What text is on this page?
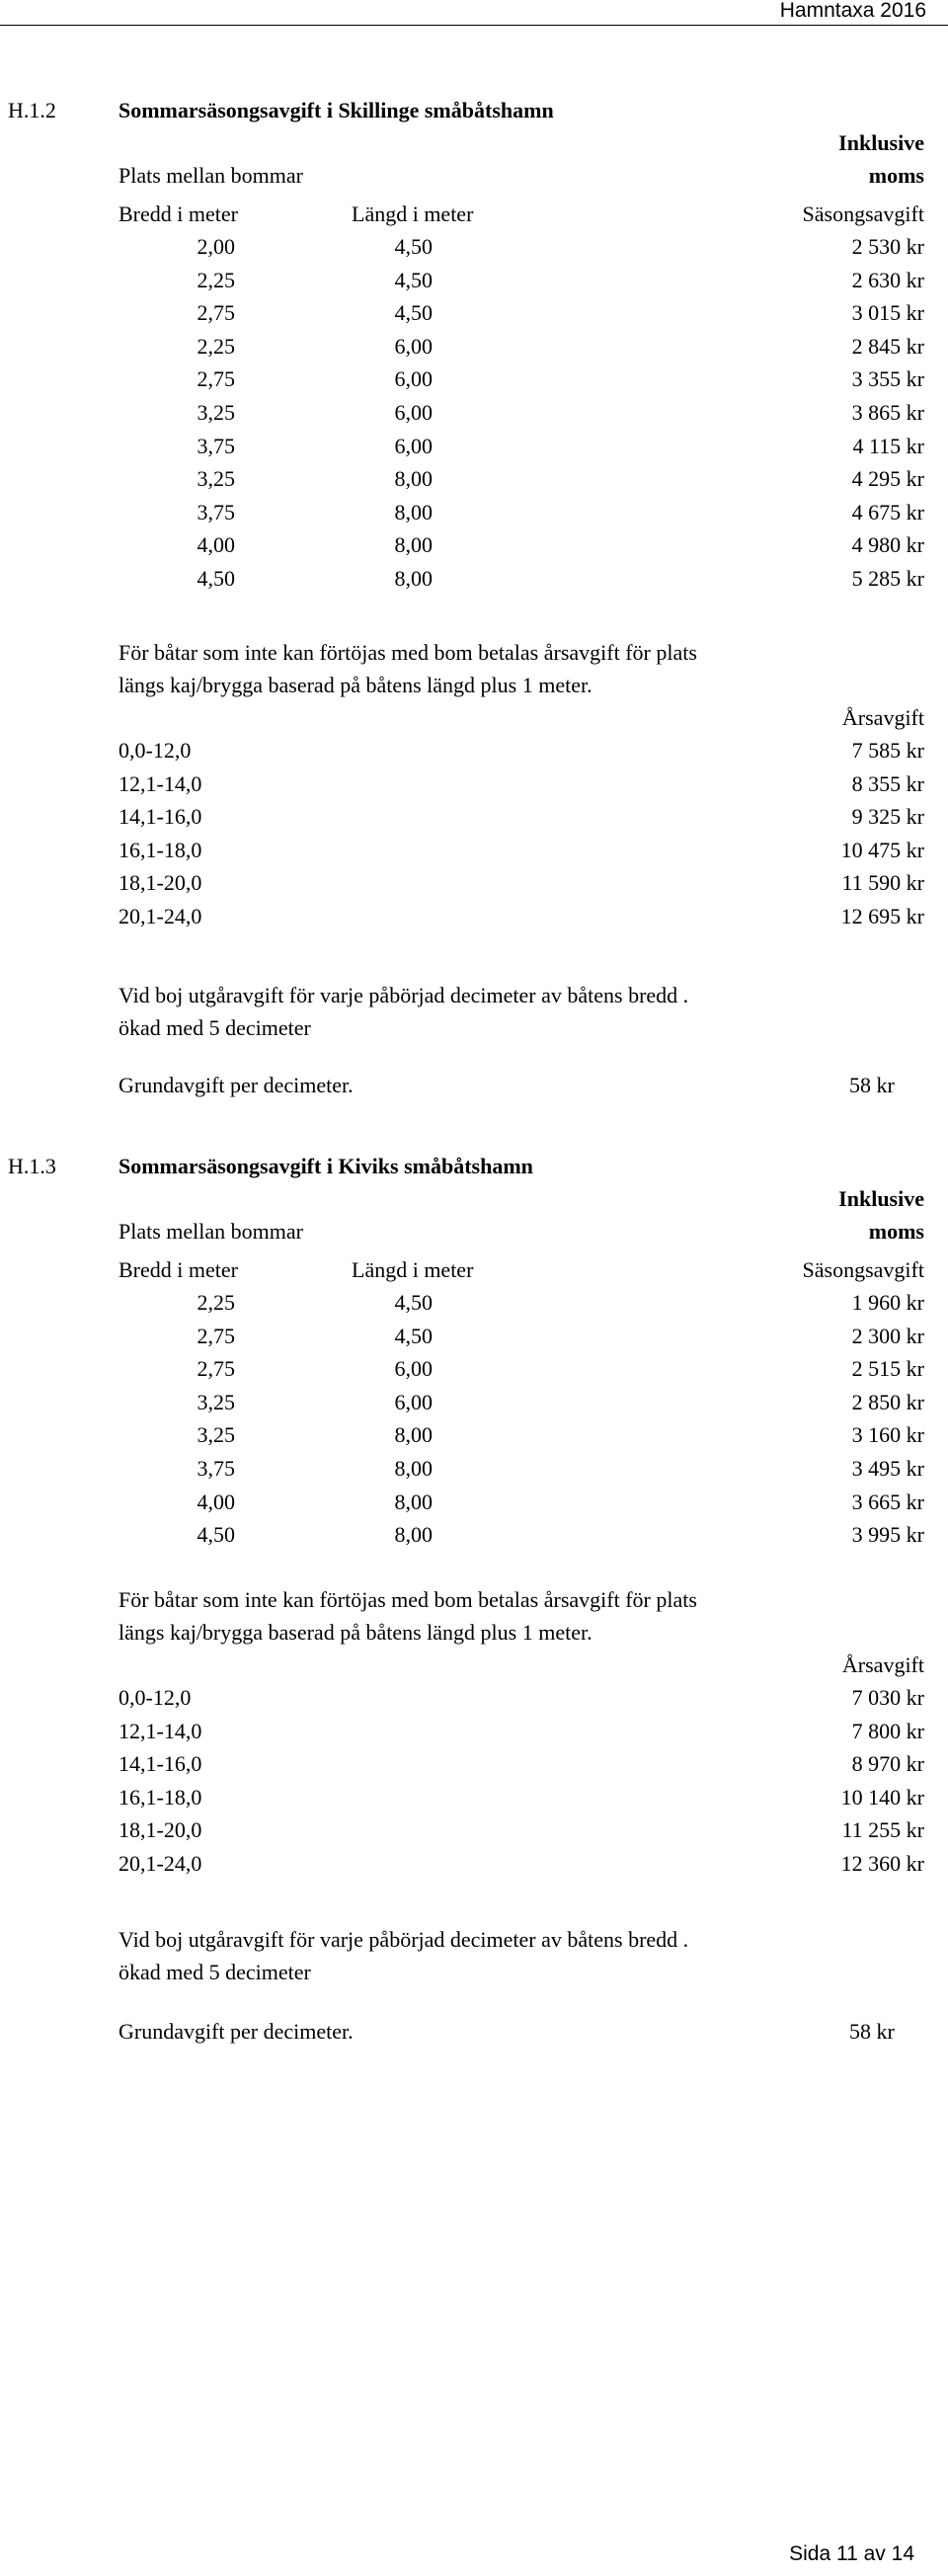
Hamntaxa 2016
H.1.2	Sommarsäsongsavgift i Skillinge småbåtshamn
Inklusive
moms
Plats mellan bommar
Bredd i meter	Längd i meter	Säsongsavgift
2,00	4,50	2 530 kr
2,25	4,50	2 630 kr
2,75	4,50	3 015 kr
2,25	6,00	2 845 kr
2,75	6,00	3 355 kr
3,25	6,00	3 865 kr
3,75	6,00	4 115 kr
3,25	8,00	4 295 kr
3,75	8,00	4 675 kr
4,00	8,00	4 980 kr
4,50	8,00	5 285 kr
För båtar som inte kan förtöjas med bom betalas årsavgift för plats
längs kaj/brygga baserad på båtens längd plus 1 meter.
Årsavgift
0,0-12,0	7 585 kr
12,1-14,0	8 355 kr
14,1-16,0	9 325 kr
16,1-18,0	10 475 kr
18,1-20,0	11 590 kr
20,1-24,0	12 695 kr
Vid boj utgåravgift för varje påbörjad decimeter av båtens bredd .
ökad med 5 decimeter
Grundavgift per decimeter.	58 kr
H.1.3	Sommarsäsongsavgift i Kiviks småbåtshamn
Inklusive
moms
Plats mellan bommar
Bredd i meter	Längd i meter	Säsongsavgift
2,25	4,50	1 960 kr
2,75	4,50	2 300 kr
2,75	6,00	2 515 kr
3,25	6,00	2 850 kr
3,25	8,00	3 160 kr
3,75	8,00	3 495 kr
4,00	8,00	3 665 kr
4,50	8,00	3 995 kr
För båtar som inte kan förtöjas med bom betalas årsavgift för plats
längs kaj/brygga baserad på båtens längd plus 1 meter.
Årsavgift
0,0-12,0	7 030 kr
12,1-14,0	7 800 kr
14,1-16,0	8 970 kr
16,1-18,0	10 140 kr
18,1-20,0	11 255 kr
20,1-24,0	12 360 kr
Vid boj utgåravgift för varje påbörjad decimeter av båtens bredd .
ökad med 5 decimeter
Grundavgift per decimeter.	58 kr
Sida 11 av 14
